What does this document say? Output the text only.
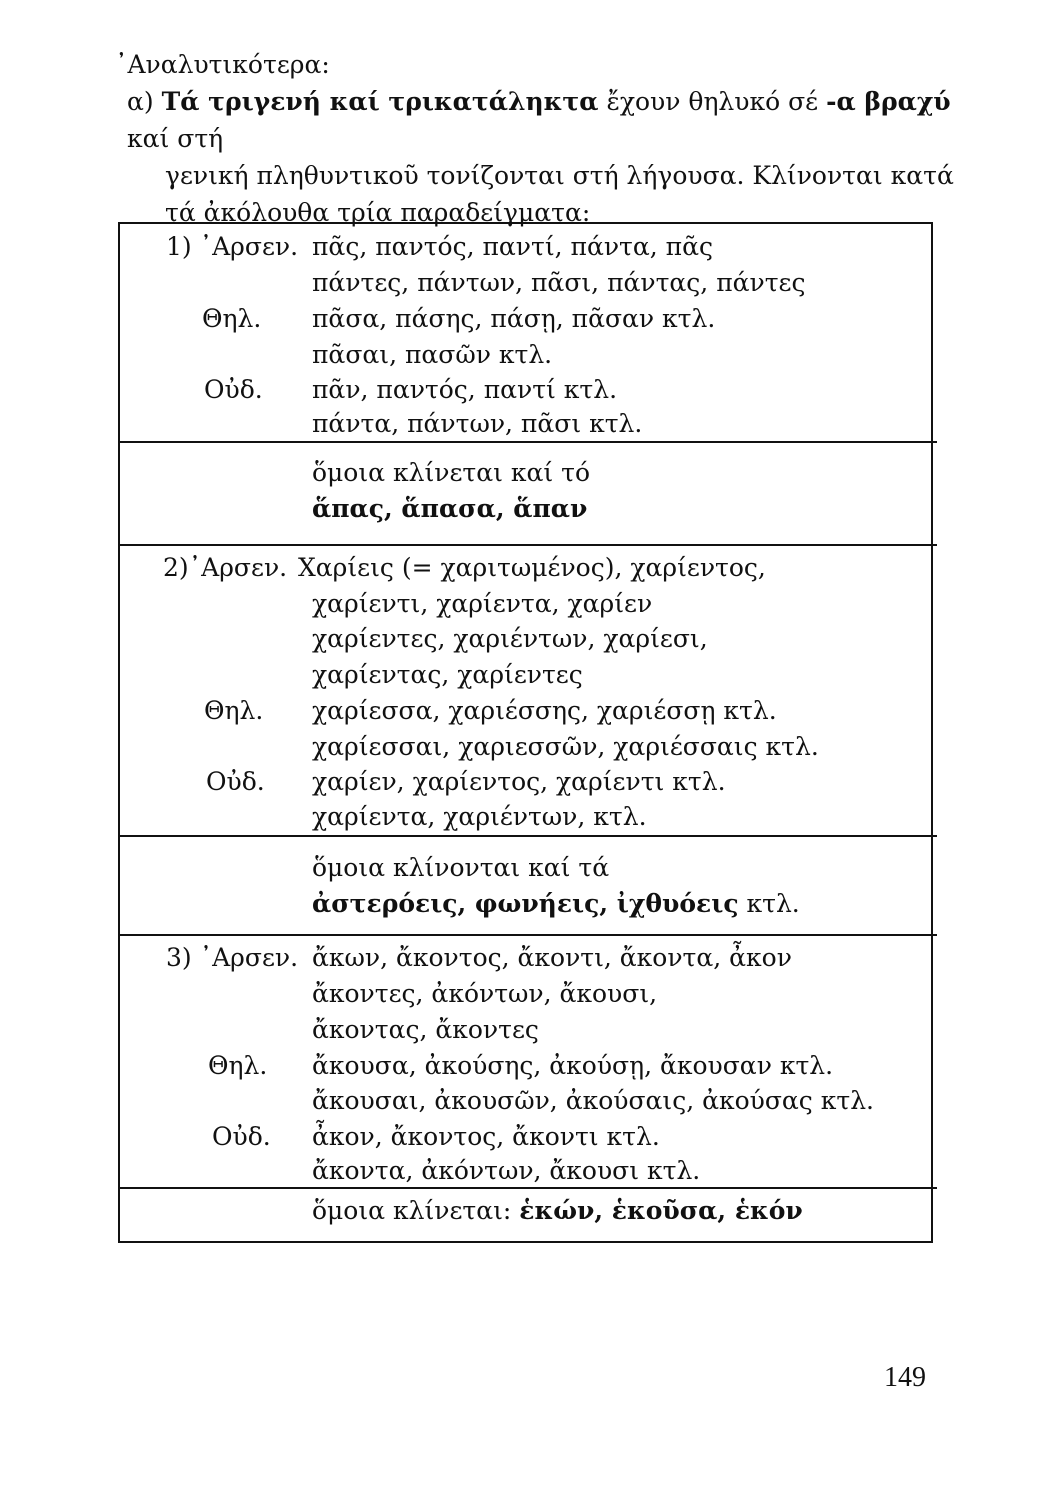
᾿Αναλυτικότερα:
α) Τά τριγενή καί τρικατάληκτα ἔχουν θηλυκό σέ -α βραχύ καί στή
γενική πληθυντικοῦ τονίζονται στή λήγουσα. Κλίνονται κατά
τά ἀκόλουθα τρία παραδείγματα:
1) ᾿Αρσεν. πᾶς, παντός, παντί, πάντα, πᾶς
πάντες, πάντων, πᾶσι, πάντας, πάντες
Θηλ. πᾶσα, πάσης, πάσῃ, πᾶσαν κτλ.
πᾶσαι, πασῶν κτλ.
Οὐδ. πᾶν, παντός, παντί κτλ.
πάντα, πάντων, πᾶσι κτλ.
ὅμοια κλίνεται καί τό
ἅπας, ἅπασα, ἅπαν
2)᾿Αρσεν. Χαρίεις (= χαριτωμένος), χαρίεντος,
χαρίεντι, χαρίεντα, χαρίεν
χαρίεντες, χαριέντων, χαρίεσι,
χαρίεντας, χαρίεντες
Θηλ. χαρίεσσα, χαριέσσης, χαριέσσῃ κτλ.
χαρίεσσαι, χαριεσσῶν, χαριέσσαις κτλ.
Οὐδ. χαρίεν, χαρίεντος, χαρίεντι κτλ.
χαρίεντα, χαριέντων, κτλ.
ὅμοια κλίνονται καί τά
ἀστερόεις, φωνήεις, ἰχθυόεις κτλ.
3) ᾿Αρσεν. ἄκων, ἄκοντος, ἄκοντι, ἄκοντα, ἆκον
ἄκοντες, ἀκόντων, ἄκουσι,
ἄκοντας, ἄκοντες
Θηλ. ἄκουσα, ἀκούσης, ἀκούσῃ, ἄκουσαν κτλ.
ἄκουσαι, ἀκουσῶν, ἀκούσαις, ἀκούσας κτλ.
Οὐδ. ἆκον, ἄκοντος, ἄκοντι κτλ.
ἄκοντα, ἀκόντων, ἄκουσι κτλ.
ὅμοια κλίνεται: ἑκών, ἑκοῦσα, ἑκόν
149
